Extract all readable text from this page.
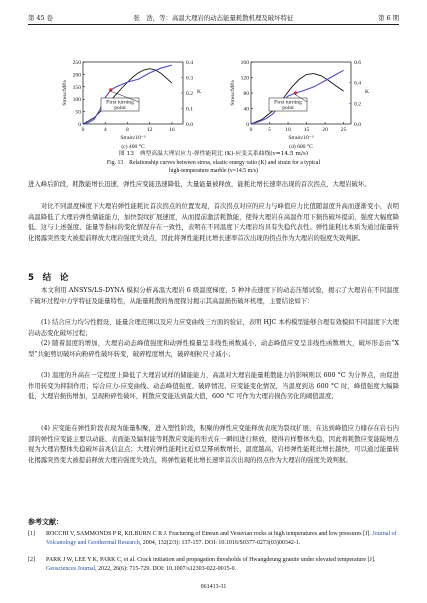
第 45 卷	张　浩，等：高温大理岩的动态能量耗散机理及破坏特征	第 6 期
0	4	8	12	16
0
50
100
150
200
250
0.0
0.1
0.2
0.3
0.4
First turning
point
Strain/10⁻³
Stress/MPa	K
(c) 400 °C
0	5	10 15 20 25
0
40
80
120
160
0.0
0.2
0.4
0.6
First turning
point
Strain/10⁻³
Stress/MPa	K
(d) 600 °C
图 13　典型高温大理岩应力-弹性能耗比 (K)-应变关系曲线(v=14.5 m/s)
Fig. 13　Relationship curves between stress, elastic energy ratio (K) and strain for a typical
high-temperature marble (v=14.5 m/s)
进入峰后阶段，耗散能增长迅速，弹性应变能迅速降低，大量能量被释放，能耗比增长速率出现的首次拐点，大理岩破坏。
对比不同温度梯度下大理岩弹性能耗比首次拐点的位置发现，首次拐点对应的应力与峰值应力比值随温度升高而逐渐变小，表明高温降低了大理岩弹性储能能力，加快裂纹扩展速度，从而提前激活耗散能，使得大理岩在高温作用下损伤破坏提前，强度大幅度降低。这与上述强度、能量等指标的变化情况存在一致性，表明在不同温度下大理岩均具有失稳代表性。弹性能耗比本质为通过能量转化揭露突然变大被提前释放大理岩强度失效点，因此将弹性能耗比增长速率首次出现的拐点作为大理岩的强度失效判据。
5　结　论
本文利用 ANSYS/LS-DYNA 模拟分析高温大理岩 6 级温度梯度、5 种冲击速度下的动态压缩试验，揭示了大理岩在不同温度下破坏过程中力学特征及能量特性，从能量耗散的角度探讨揭示其高温损伤破坏机理，主要结论如下：
(1) 结合应力均匀性假设、能量合理范围以及应力应变曲线三方面的验证，表明 HJC 本构模型能够合理有效模拟不同温度下大理岩动态变化破坏过程；
(2) 随着温度的增加，大理岩动态峰值强度和动弹性模量呈非线性函数减小，动态峰值应变呈非线性函数增大，破坏形态由“X 型”共轭剪切破坏向粉碎性破坏转变，破碎程度增大，破碎细粒尺寸减小；
(3) 温度的升高在一定程度上降低了大理岩试样的储能能力，高温对大理岩能量耗散能力的影响则以 600 °C 为分界点，由促进作用转变为抑制作用；综合应力-应变曲线、动态峰值强度、破碎情况、应变能变化情况，当温度到达 600 °C 时，峰值强度大幅降低，大理岩损伤增加，呈现粉碎性破坏，耗散应变能达到最大值，600 °C 可作为大理岩损伤劣化的阈值温度；
(4) 应变能在弹性阶段表现为能量积聚，进入塑性阶段，积聚的弹性应变能释放表现为裂纹扩展，在达到峰值应力储存在岩石内部的弹性应变能主要以动能、表面能及辐射能等耗散应变能的形式在一瞬间进行释放，使得岩样整体失稳，因此将耗散应变能陡增点视为大理岩整体失稳破坏前兆信息点；大理岩弹性能耗比近似呈幂函数增长，温度越高，岩样弹性能耗比增长越快，可以通过能量转化揭露突然变大被提前释放大理岩强度失效点，将弹性能耗比增长速率首次出现的拐点作为大理岩的强度失效判据。
参考文献：
[1] ROCCHI V, SAMMONDS P R, KILBURN C R J. Fracturing of Etnean and Vesuvian rocks at high temperatures and low pressures [J]. Journal of Volcanology and Geothermal Research, 2004, 132(2/3): 137-157. DOI: 10.1016/S0377-0273(03)00342-1.
[2] PARK J W, LEE Y K, PARK C, et al. Crack initiation and propagation thresholds of Hwangdeung granite under elevated temperature [J]. Geosciences Journal, 2022, 26(6): 715-729. DOI: 10.1007/s12303-022-0015-0.
061413-11
